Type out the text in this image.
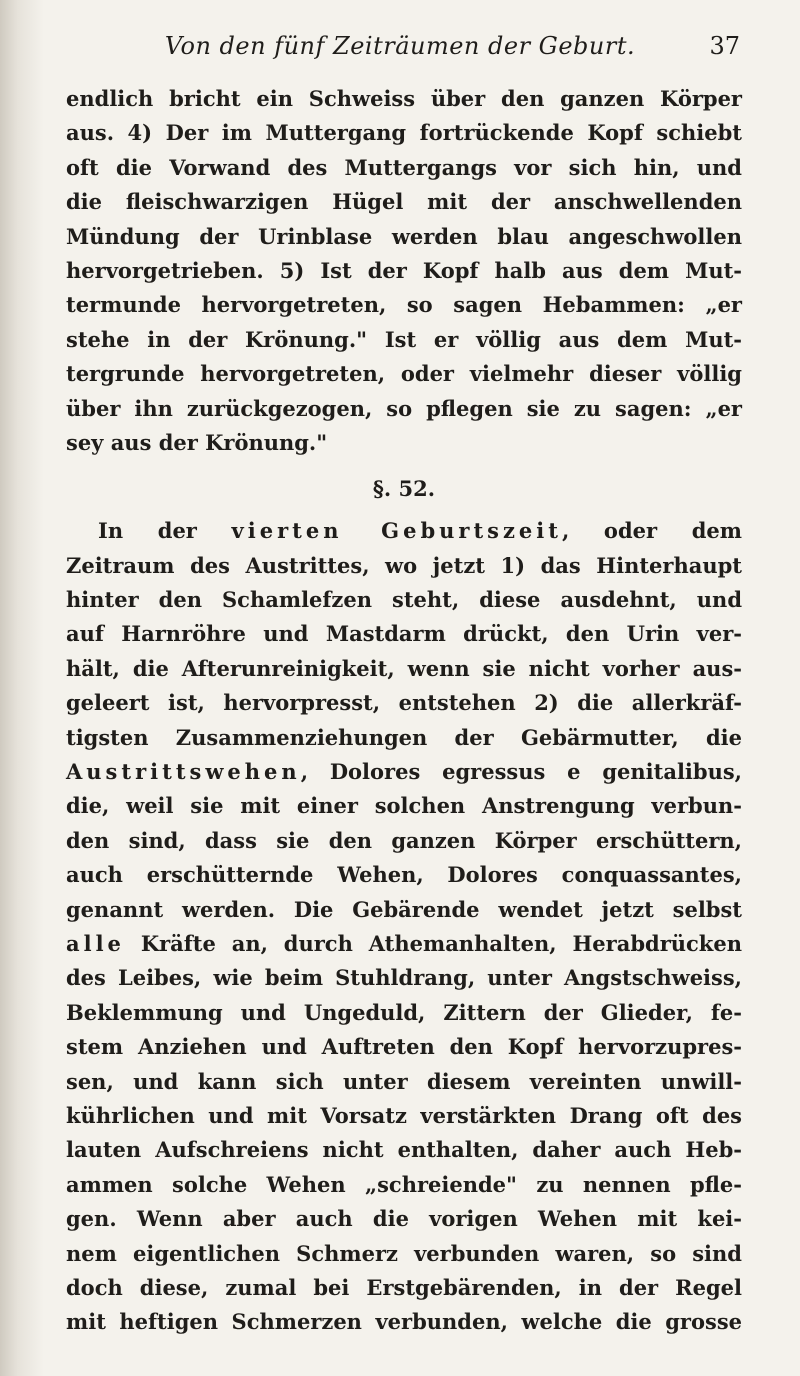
Von den fünf Zeiträumen der Geburt.	37
endlich bricht ein Schweiss über den ganzen Körper
aus. 4) Der im Muttergang fortrückende Kopf schiebt
oft die Vorwand des Muttergangs vor sich hin, und
die fleischwarzigen Hügel mit der anschwellenden
Mündung der Urinblase werden blau angeschwollen
hervorgetrieben. 5) Ist der Kopf halb aus dem Mut-
termunde hervorgetreten, so sagen Hebammen: „er
stehe in der Krönung." Ist er völlig aus dem Mut-
tergrunde hervorgetreten, oder vielmehr dieser völlig
über ihn zurückgezogen, so pflegen sie zu sagen: „er
sey aus der Krönung."
§. 52.
In der vierten Geburtszeit, oder dem
Zeitraum des Austrittes, wo jetzt 1) das Hinterhaupt
hinter den Schamlefzen steht, diese ausdehnt, und
auf Harnröhre und Mastdarm drückt, den Urin ver-
hält, die Afterunreinigkeit, wenn sie nicht vorher aus-
geleert ist, hervorpresst, entstehen 2) die allerkräf-
tigsten Zusammenziehungen der Gebärmutter, die
Austrittswehen, Dolores egressus e genitalibus,
die, weil sie mit einer solchen Anstrengung verbun-
den sind, dass sie den ganzen Körper erschüttern,
auch erschütternde Wehen, Dolores conquassantes,
genannt werden. Die Gebärende wendet jetzt selbst
alle Kräfte an, durch Athemanhalten, Herabdrücken
des Leibes, wie beim Stuhldrang, unter Angstschweiss,
Beklemmung und Ungeduld, Zittern der Glieder, fe-
stem Anziehen und Auftreten den Kopf hervorzupres-
sen, und kann sich unter diesem vereinten unwill-
kührlichen und mit Vorsatz verstärkten Drang oft des
lauten Aufschreiens nicht enthalten, daher auch Heb-
ammen solche Wehen „schreiende" zu nennen pfle-
gen. Wenn aber auch die vorigen Wehen mit kei-
nem eigentlichen Schmerz verbunden waren, so sind
doch diese, zumal bei Erstgebärenden, in der Regel
mit heftigen Schmerzen verbunden, welche die grosse
